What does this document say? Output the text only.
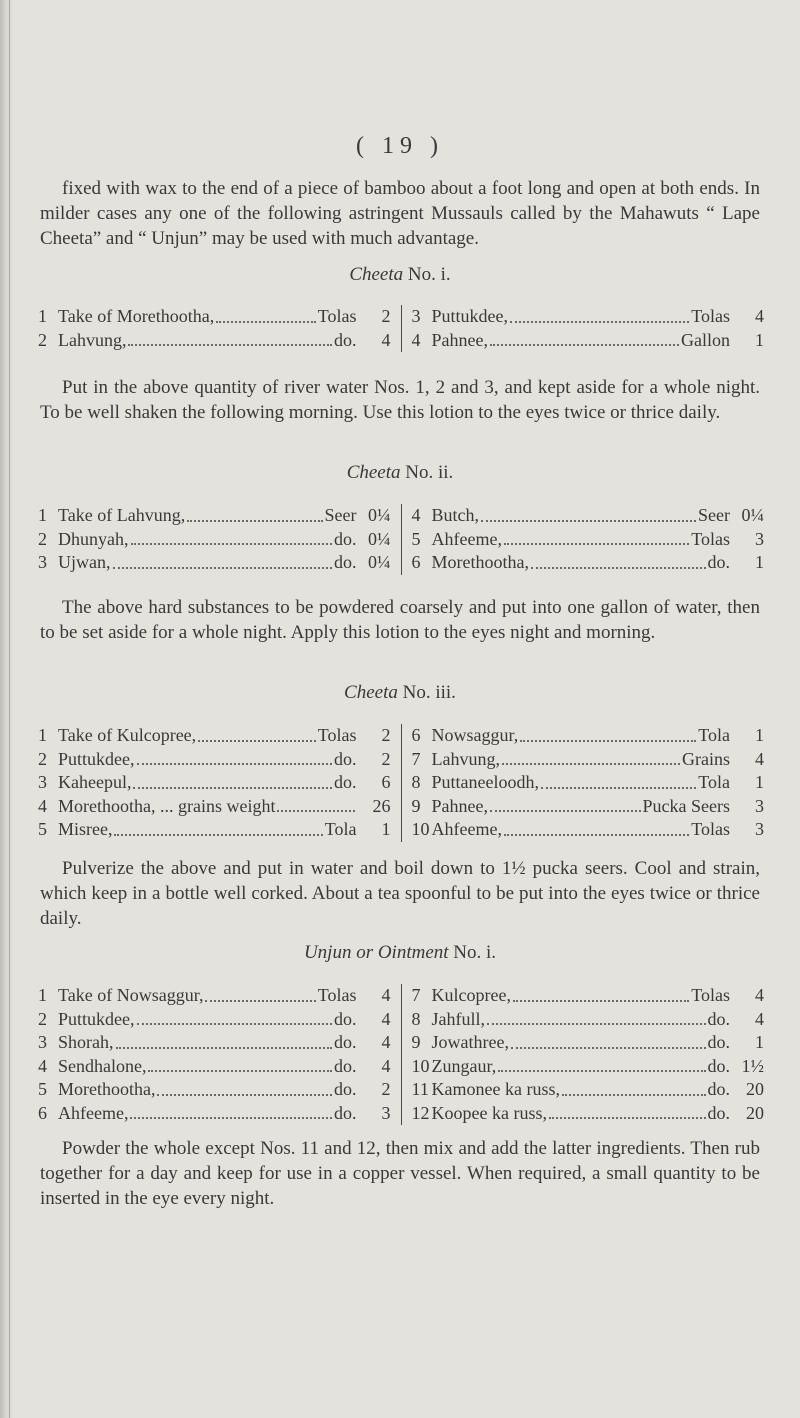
( 19 )

fixed with wax to the end of a piece of bamboo about a foot long and open at both ends. In milder cases any one of the following astringent Mussauls called by the Mahawuts “ Lape Cheeta” and “ Unjun” may be used with much advantage.

Cheeta No. i.

1 Take of Morethootha,	Tolas	2
2 Lahvung,	do.	4
3 Puttukdee,	Tolas	4
4 Pahnee,	Gallon	1

Put in the above quantity of river water Nos. 1, 2 and 3, and kept aside for a whole night. To be well shaken the following morning. Use this lotion to the eyes twice or thrice daily.

Cheeta No. ii.

1 Take of Lahvung,	Seer 0¼
2 Dhunyah,	do. 0¼
3 Ujwan,	do. 0¼
4 Butch,	Seer 0¼
5 Ahfeeme,	Tolas	3
6 Morethootha,	do.	1

The above hard substances to be powdered coarsely and put into one gallon of water, then to be set aside for a whole night. Apply this lotion to the eyes night and morning.

Cheeta No. iii.

1 Take of Kulcopree,	Tolas	2
2 Puttukdee,	do.	2
3 Kaheepul,	do.	6
4 Morethootha, ... grains weight	26
5 Misree,	Tola	1
6 Nowsaggur,	Tola	1
7 Lahvung,	Grains	4
8 Puttaneeloodh,	Tola	1
9 Pahnee,	Pucka Seers	3
10 Ahfeeme,	Tolas	3

Pulverize the above and put in water and boil down to 1½ pucka seers. Cool and strain, which keep in a bottle well corked. About a tea spoonful to be put into the eyes twice or thrice daily.

Unjun or Ointment No. i.

1 Take of Nowsaggur,	Tolas	4
2 Puttukdee,	do.	4
3 Shorah,	do.	4
4 Sendhalone,	do.	4
5 Morethootha,	do.	2
6 Ahfeeme,	do.	3
7 Kulcopree,	Tolas	4
8 Jahfull,	do.	4
9 Jowathree,	do.	1
10 Zungaur,	do. 1½
11 Kamonee ka russ,	do. 20
12 Koopee ka russ,	do. 20

Powder the whole except Nos. 11 and 12, then mix and add the latter ingredients. Then rub together for a day and keep for use in a copper vessel. When required, a small quantity to be inserted in the eye every night.
